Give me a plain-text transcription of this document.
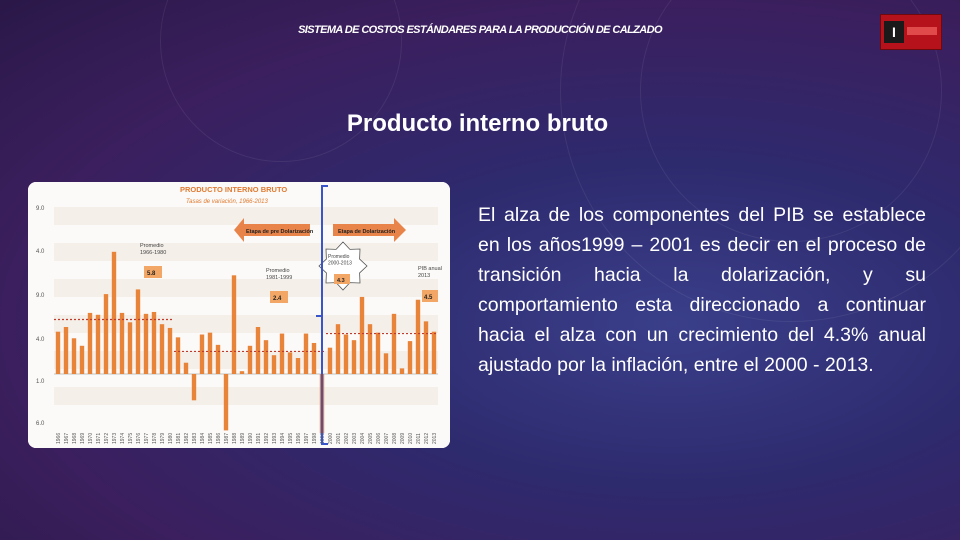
SISTEMA DE COSTOS ESTÁNDARES PARA LA PRODUCCIÓN DE CALZADO	I
Producto interno bruto
9.0
4.0
9.0
4.0
1.0
6.0
1966 1967 1968 1969 1970 1971 1972 1973 1974 1975 1976 1977 1978 1979 1980 1981 1982 1983 1984 1985 1986 1987 1988 1989 1990 1991 1992 1993 1994 1995 1996 1997 1998 1999 2000 2001 2002 2003 2004 2005 2006 2007 2008 2009 2010 2011 2012 2013
PRODUCTO INTERNO BRUTO
Tasas de variación, 1966-2013
Etapa de pre Dolarización	Etapa de Dolarización
Promedio
1966-1980
5.8	Promedio
1981-1999
2.4
Promedio
2000-2013
4.3
PIB anual
2013
4.5
El alza de los componentes del PIB se establece en los años1999 – 2001 es decir en el proceso de transición hacia la dolarización, y su comportamiento esta direccionado a continuar hacia el alza con un crecimiento del 4.3% anual ajustado por la inflación, entre el 2000 - 2013.
